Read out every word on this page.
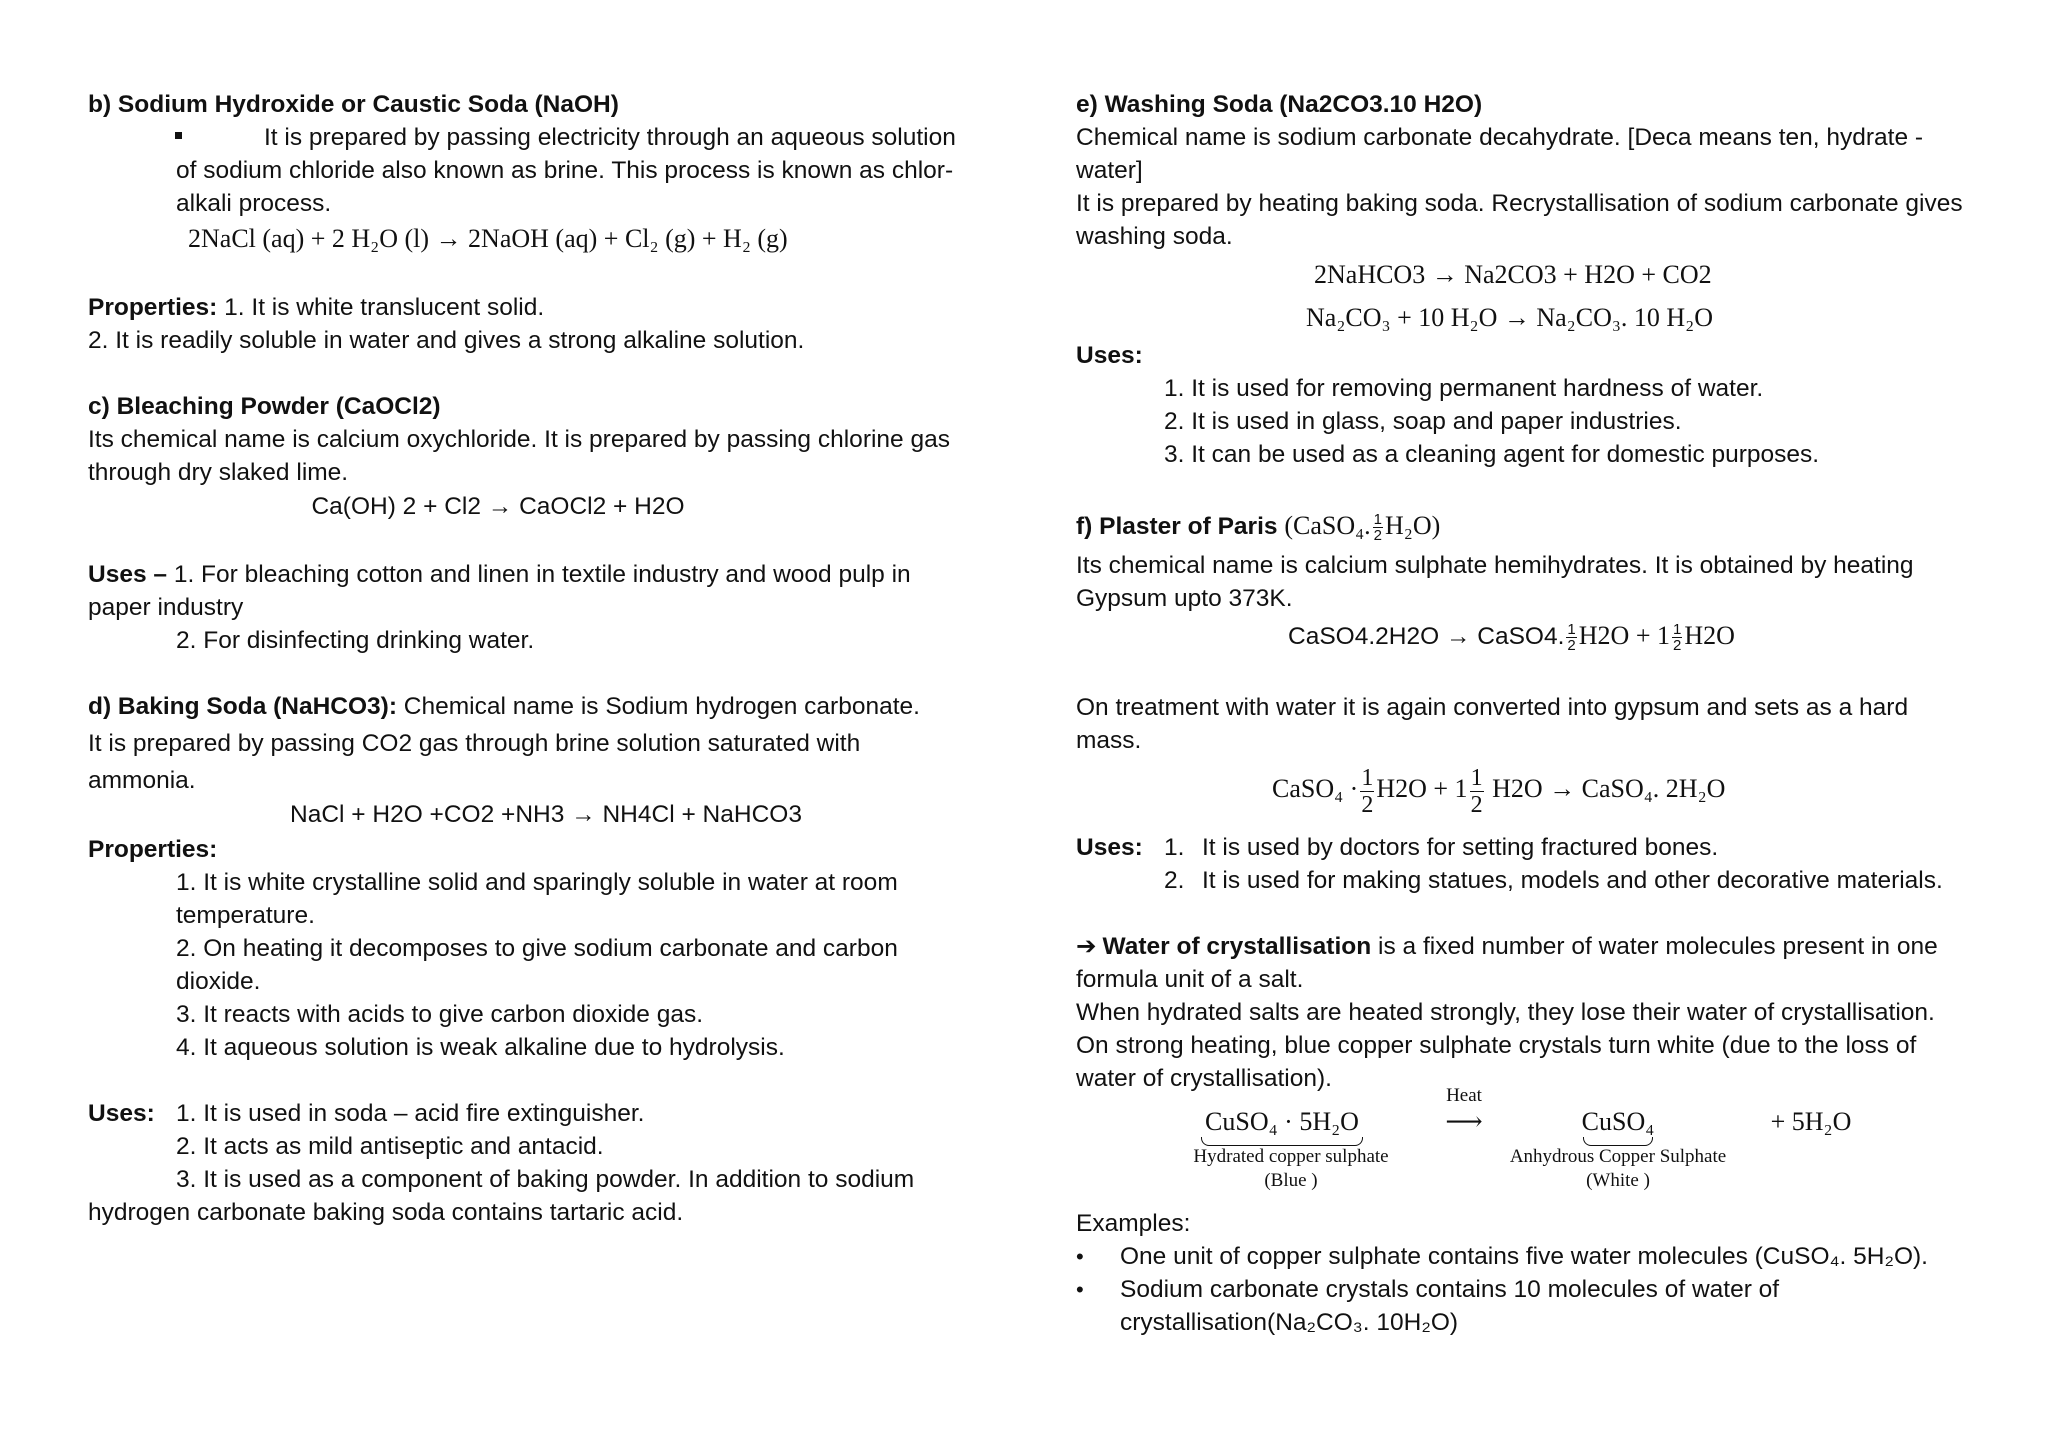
b) Sodium Hydroxide or Caustic Soda (NaOH)
It is prepared by passing electricity through an aqueous solution
of sodium chloride also known as brine. This process is known as chlor-
alkali process.
2NaCl (aq) + 2 H₂O (l) → 2NaOH (aq) + Cl₂ (g) + H₂ (g)
Properties: 1. It is white translucent solid.
2. It is readily soluble in water and gives a strong alkaline solution.
c) Bleaching Powder (CaOCl2)
Its chemical name is calcium oxychloride. It is prepared by passing chlorine gas
through dry slaked lime.
Ca(OH) 2 + Cl2 → CaOCl2 + H2O
Uses – 1. For bleaching cotton and linen in textile industry and wood pulp in
paper industry
2. For disinfecting drinking water.
d) Baking Soda (NaHCO3): Chemical name is Sodium hydrogen carbonate.
It is prepared by passing CO2 gas through brine solution saturated with
ammonia.
NaCl + H2O +CO2 +NH3 → NH4Cl + NaHCO3
Properties:
1. It is white crystalline solid and sparingly soluble in water at room
temperature.
2. On heating it decomposes to give sodium carbonate and carbon
dioxide.
3. It reacts with acids to give carbon dioxide gas.
4. It aqueous solution is weak alkaline due to hydrolysis.
Uses: 1. It is used in soda – acid fire extinguisher.
2. It acts as mild antiseptic and antacid.
3. It is used as a component of baking powder. In addition to sodium
hydrogen carbonate baking soda contains tartaric acid.
e) Washing Soda (Na2CO3.10 H2O)
Chemical name is sodium carbonate decahydrate. [Deca means ten, hydrate -
water]
It is prepared by heating baking soda. Recrystallisation of sodium carbonate gives
washing soda.
2NaHCO3 → Na2CO3 + H2O + CO2
Na₂CO₃ + 10 H₂O → Na₂CO₃. 10 H₂O
Uses:
1. It is used for removing permanent hardness of water.
2. It is used in glass, soap and paper industries.
3. It can be used as a cleaning agent for domestic purposes.
f) Plaster of Paris (CaSO₄. $\frac{1}{2} H_2O$)
Its chemical name is calcium sulphate hemihydrates. It is obtained by heating
Gypsum upto 373K.
CaSO4.2H2O → CaSO4. $\frac{1}{2} H2O + 1 \frac{1}{2} H2O$
On treatment with water it is again converted into gypsum and sets as a hard
mass.
CaSO₄ · $\frac{1}{2} H2O + 1 \frac{1}{2} H2O$ → CaSO₄. 2H₂O
Uses: 1. It is used by doctors for setting fractured bones.
2. It is used for making statues, models and other decorative materials.
➔ Water of crystallisation is a fixed number of water molecules present in one
formula unit of a salt.
When hydrated salts are heated strongly, they lose their water of crystallisation.
On strong heating, blue copper sulphate crystals turn white (due to the loss of
water of crystallisation).
CuSO₄ · 5H₂O
Hydrated copper sulphate
(Blue )
Heat
⟶	CuSO₄
Anhydrous Copper Sulphate
(White )
+ 5H₂O
Examples:
•	One unit of copper sulphate contains five water molecules (CuSO₄. 5H₂O).
•	Sodium carbonate crystals contains 10 molecules of water of
crystallisation(Na₂CO₃. 10H₂O)
